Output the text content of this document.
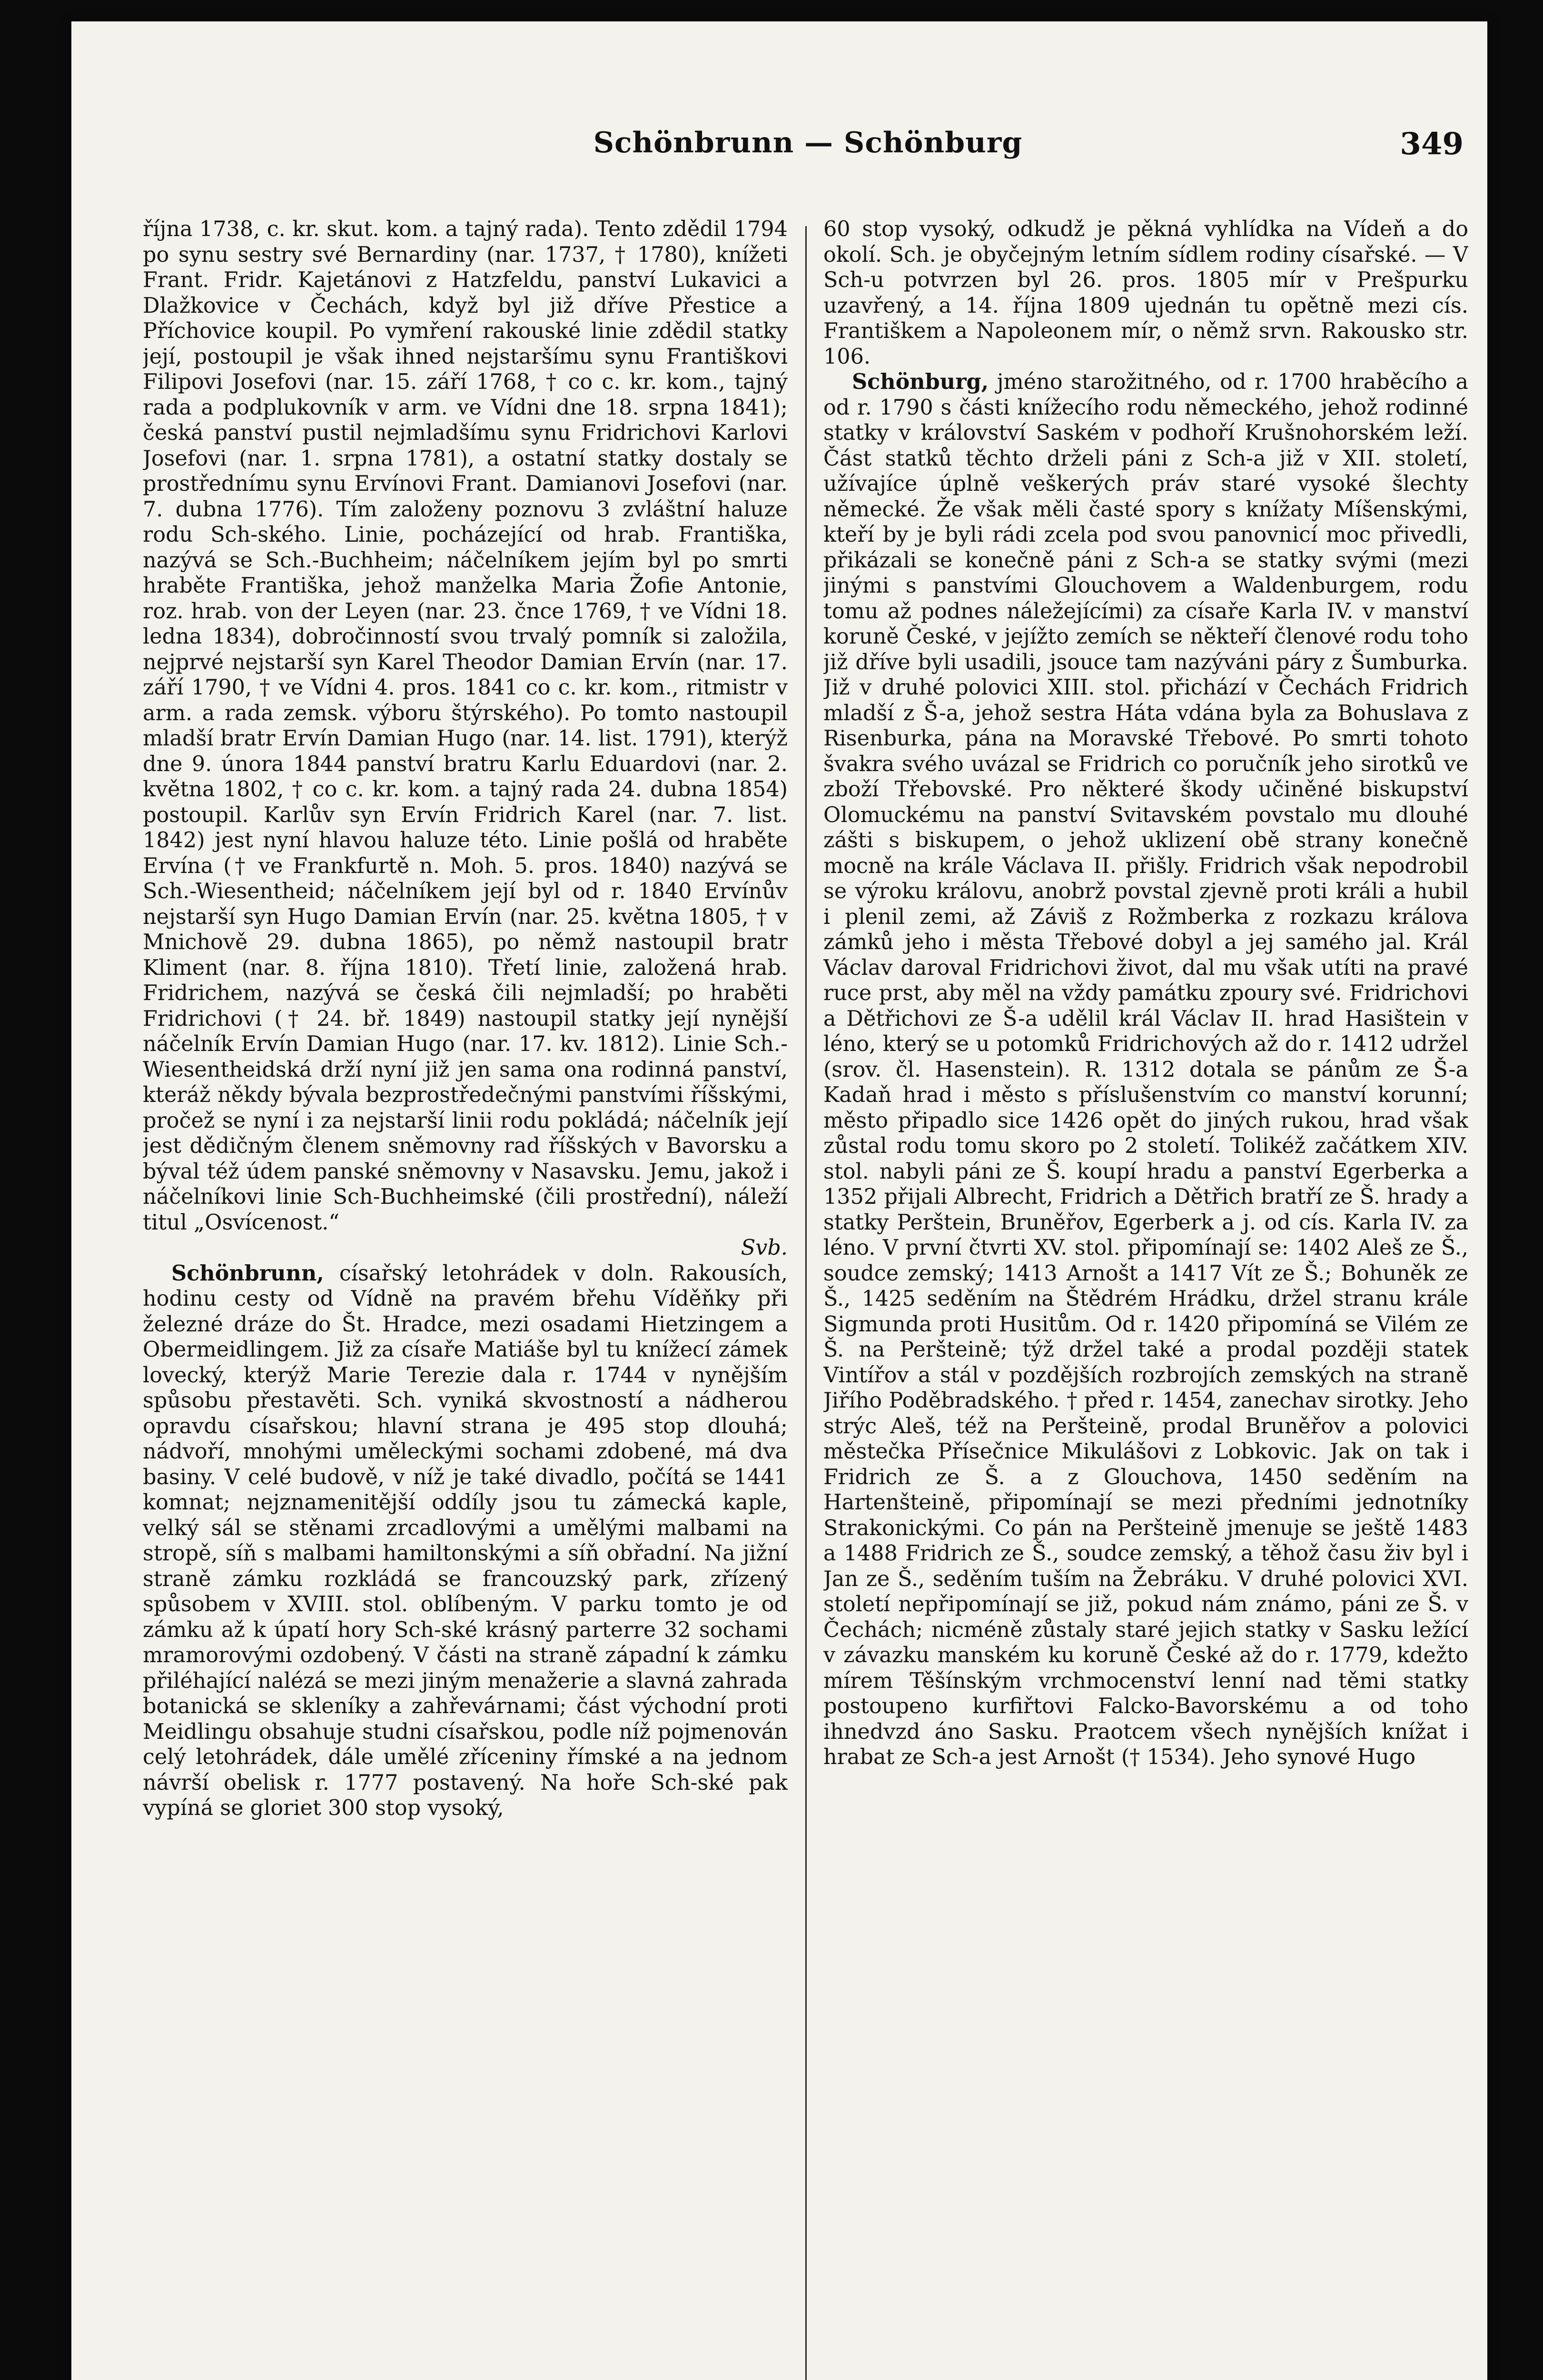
Schönbrunn — Schönburg	349

října 1738, c. kr. skut. kom. a tajný rada). Tento zdědil 1794 po synu sestry své Bernardiny (nar. 1737, † 1780), knížeti Frant. Fridr. Kajetánovi z Hatzfeldu, panství Lukavici a Dlažkovice v Čechách, když byl již dříve Přestice a Příchovice koupil. Po vymření rakouské linie zdědil statky její, postoupil je však ihned nejstaršímu synu Františkovi Filipovi Josefovi (nar. 15. září 1768, † co c. kr. kom., tajný rada a podplukovník v arm. ve Vídni dne 18. srpna 1841); česká panství pustil nejmladšímu synu Fridrichovi Karlovi Josefovi (nar. 1. srpna 1781), a ostatní statky dostaly se prostřednímu synu Ervínovi Frant. Damianovi Josefovi (nar. 7. dubna 1776). Tím založeny poznovu 3 zvláštní haluze rodu Sch-ského. Linie, pocházející od hrab. Františka, nazývá se Sch.-Buchheim; náčelníkem jejím byl po smrti hraběte Františka, jehož manželka Maria Žofie Antonie, roz. hrab. von der Leyen (nar. 23. čnce 1769, † ve Vídni 18. ledna 1834), dobročinností svou trvalý pomník si založila, nejprvé nejstarší syn Karel Theodor Damian Ervín (nar. 17. září 1790, † ve Vídni 4. pros. 1841 co c. kr. kom., ritmistr v arm. a rada zemsk. výboru štýrského). Po tomto nastoupil mladší bratr Ervín Damian Hugo (nar. 14. list. 1791), kterýž dne 9. února 1844 panství bratru Karlu Eduardovi (nar. 2. května 1802, † co c. kr. kom. a tajný rada 24. dubna 1854) postoupil. Karlův syn Ervín Fridrich Karel (nar. 7. list. 1842) jest nyní hlavou haluze této. Linie pošlá od hraběte Ervína († ve Frankfurtě n. Moh. 5. pros. 1840) nazývá se Sch.-Wiesentheid; náčelníkem její byl od r. 1840 Ervínův nejstarší syn Hugo Damian Ervín (nar. 25. května 1805, † v Mnichově 29. dubna 1865), po němž nastoupil bratr Kliment (nar. 8. října 1810). Třetí linie, založená hrab. Fridrichem, nazývá se česká čili nejmladší; po hraběti Fridrichovi († 24. bř. 1849) nastoupil statky její nynější náčelník Ervín Damian Hugo (nar. 17. kv. 1812). Linie Sch.-Wiesentheidská drží nyní již jen sama ona rodinná panství, kteráž někdy bývala bezprostředečnými panstvími říšskými, pročež se nyní i za nejstarší linii rodu pokládá; náčelník její jest dědičným členem sněmovny rad říšských v Bavorsku a býval též údem panské sněmovny v Nasavsku. Jemu, jakož i náčelníkovi linie Sch-Buchheimské (čili prostřední), náleží titul „Osvícenost.“

Svb.

Schönbrunn, císařský letohrádek v doln. Rakousích, hodinu cesty od Vídně na pravém břehu Víděňky při železné dráze do Št. Hradce, mezi osadami Hietzingem a Obermeidlingem. Již za císaře Matiáše byl tu knížecí zámek lovecký, kterýž Marie Terezie dala r. 1744 v nynějším spůsobu přestavěti. Sch. vyniká skvostností a nádherou opravdu císařskou; hlavní strana je 495 stop dlouhá; nádvoří, mnohými uměleckými sochami zdobené, má dva basiny. V celé budově, v níž je také divadlo, počítá se 1441 komnat; nejznamenitější oddíly jsou tu zámecká kaple, velký sál se stěnami zrcadlovými a umělými malbami na stropě, síň s malbami hamiltonskými a síň obřadní. Na jižní straně zámku rozkládá se francouzský park, zřízený spůsobem v XVIII. stol. oblíbeným. V parku tomto je od zámku až k úpatí hory Sch-ské krásný parterre 32 sochami mramorovými ozdobený. V části na straně západní k zámku přiléhající nalézá se mezi jiným menažerie a slavná zahrada botanická se skleníky a zahřevárnami; část východní proti Meidlingu obsahuje studni císařskou, podle níž pojmenován celý letohrádek, dále umělé zříceniny římské a na jednom návrší obelisk r. 1777 postavený. Na hoře Sch-ské pak vypíná se gloriet 300 stop vysoký,

60 stop vysoký, odkudž je pěkná vyhlídka na Vídeň a do okolí. Sch. je obyčejným letním sídlem rodiny císařské. — V Sch-u potvrzen byl 26. pros. 1805 mír v Prešpurku uzavřený, a 14. října 1809 ujednán tu opětně mezi cís. Františkem a Napoleonem mír, o němž srvn. Rakousko str. 106.

Schönburg, jméno starožitného, od r. 1700 hraběcího a od r. 1790 s části knížecího rodu německého, jehož rodinné statky v království Saském v podhoří Krušnohorském leží. Část statků těchto drželi páni z Sch-a již v XII. století, užívajíce úplně veškerých práv staré vysoké šlechty německé. Že však měli časté spory s knížaty Míšenskými, kteří by je byli rádi zcela pod svou panovnicí moc přivedli, přikázali se konečně páni z Sch-a se statky svými (mezi jinými s panstvími Glouchovem a Waldenburgem, rodu tomu až podnes náležejícími) za císaře Karla IV. v manství koruně České, v jejížto zemích se někteří členové rodu toho již dříve byli usadili, jsouce tam nazýváni páry z Šumburka. Již v druhé polovici XIII. stol. přichází v Čechách Fridrich mladší z Š-a, jehož sestra Háta vdána byla za Bohuslava z Risenburka, pána na Moravské Třebové. Po smrti tohoto švakra svého uvázal se Fridrich co poručník jeho sirotků ve zboží Třebovské. Pro některé škody učiněné biskupství Olomuckému na panství Svitavském povstalo mu dlouhé zášti s biskupem, o jehož uklizení obě strany konečně mocně na krále Václava II. přišly. Fridrich však nepodrobil se výroku královu, anobrž povstal zjevně proti králi a hubil i plenil zemi, až Záviš z Rožmberka z rozkazu králova zámků jeho i města Třebové dobyl a jej samého jal. Král Václav daroval Fridrichovi život, dal mu však utíti na pravé ruce prst, aby měl na vždy památku zpoury své. Fridrichovi a Dětřichovi ze Š-a udělil král Václav II. hrad Hasištein v léno, který se u potomků Fridrichových až do r. 1412 udržel (srov. čl. Hasenstein). R. 1312 dotala se pánům ze Š-a Kadaň hrad i město s příslušenstvím co manství korunní; město připadlo sice 1426 opět do jiných rukou, hrad však zůstal rodu tomu skoro po 2 století. Tolikéž začátkem XIV. stol. nabyli páni ze Š. koupí hradu a panství Egerberka a 1352 přijali Albrecht, Fridrich a Dětřich bratří ze Š. hrady a statky Perštein, Bruněřov, Egerberk a j. od cís. Karla IV. za léno. V první čtvrti XV. stol. připomínají se: 1402 Aleš ze Š., soudce zemský; 1413 Arnošt a 1417 Vít ze Š.; Bohuněk ze Š., 1425 seděním na Štědrém Hrádku, držel stranu krále Sigmunda proti Husitům. Od r. 1420 připomíná se Vilém ze Š. na Peršteině; týž držel také a prodal později statek Vintířov a stál v pozdějších rozbrojích zemských na straně Jiřího Poděbradského. † před r. 1454, zanechav sirotky. Jeho strýc Aleš, též na Peršteině, prodal Bruněřov a polovici městečka Přísečnice Mikulášovi z Lobkovic. Jak on tak i Fridrich ze Š. a z Glouchova, 1450 seděním na Hartenšteině, připomínají se mezi předními jednotníky Strakonickými. Co pán na Peršteině jmenuje se ještě 1483 a 1488 Fridrich ze Š., soudce zemský, a těhož času živ byl i Jan ze Š., seděním tuším na Žebráku. V druhé polovici XVI. století nepřipomínají se již, pokud nám známo, páni ze Š. v Čechách; nicméně zůstaly staré jejich statky v Sasku ležící v závazku manském ku koruně České až do r. 1779, kdežto mírem Těšínským vrchmocenství lenní nad těmi statky postoupeno kurfiřtovi Falcko-Bavorskému a od toho ihnedvzd áno Sasku. Praotcem všech nynějších knížat i hrabat ze Sch-a jest Arnošt († 1534). Jeho synové Hugo
